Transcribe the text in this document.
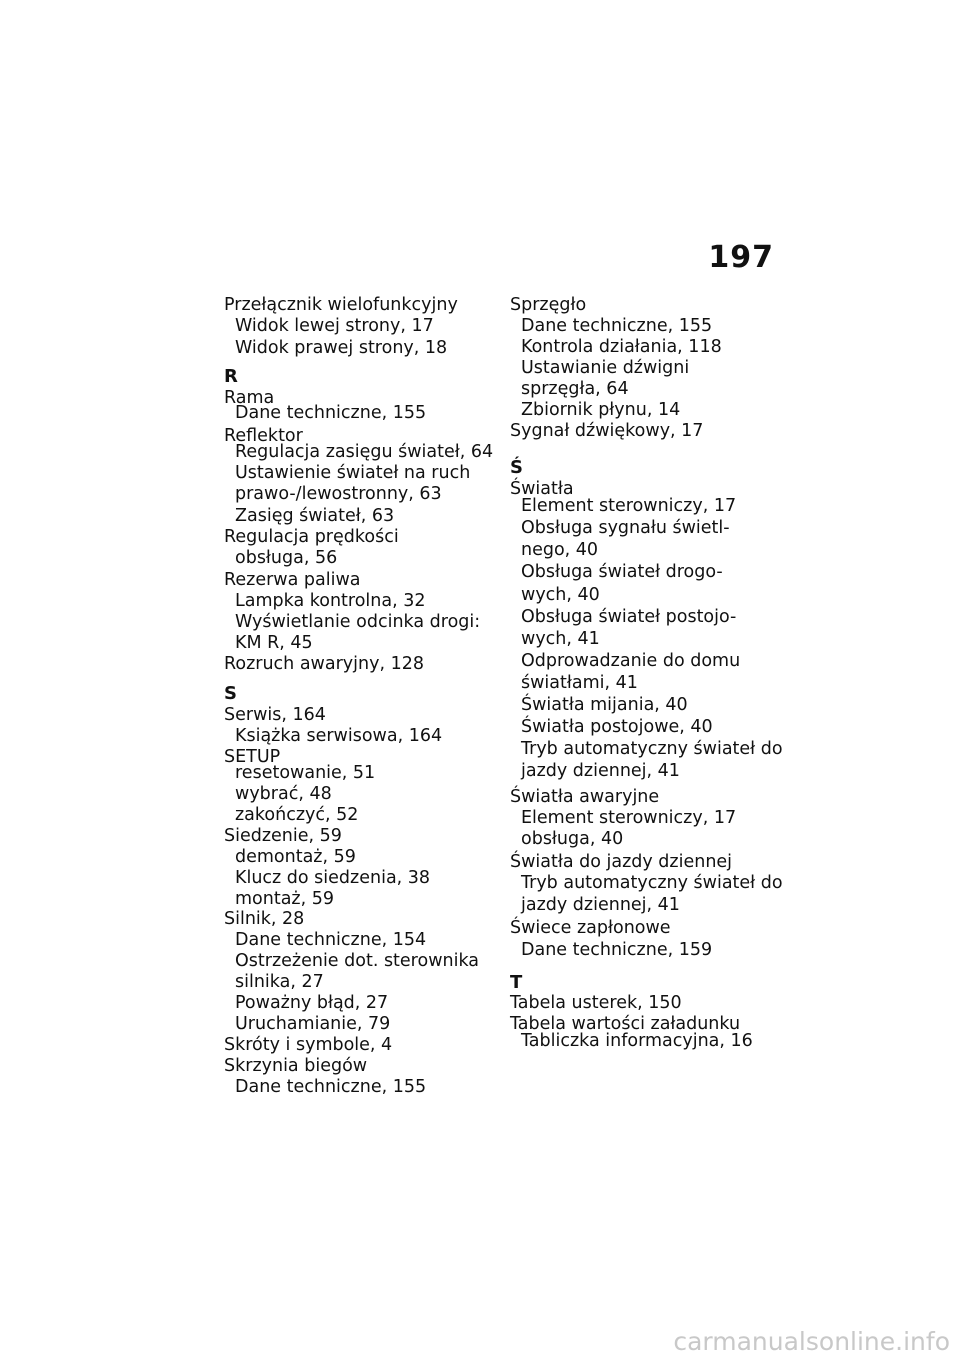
197
Przełącznik wielofunkcyjny
Widok lewej strony, 17
Widok prawej strony, 18
R
Rama
Dane techniczne, 155
Reflektor
Regulacja zasięgu świateł, 64
Ustawienie świateł na ruch
prawo-/lewostronny, 63
Zasięg świateł, 63
Regulacja prędkości
obsługa, 56
Rezerwa paliwa
Lampka kontrolna, 32
Wyświetlanie odcinka drogi:
KM R, 45
Rozruch awaryjny, 128
S
Serwis, 164
Książka serwisowa, 164
SETUP
resetowanie, 51
wybrać, 48
zakończyć, 52
Siedzenie, 59
demontaż, 59
Klucz do siedzenia, 38
montaż, 59
Silnik, 28
Dane techniczne, 154
Ostrzeżenie dot. sterownika
silnika, 27
Poważny błąd, 27
Uruchamianie, 79
Skróty i symbole, 4
Skrzynia biegów
Dane techniczne, 155
Sprzęgło
Dane techniczne, 155
Kontrola działania, 118
Ustawianie dźwigni
sprzęgła, 64
Zbiornik płynu, 14
Sygnał dźwiękowy, 17
Ś
Światła
Element sterowniczy, 17
Obsługa sygnału świetl-
nego, 40
Obsługa świateł drogo-
wych, 40
Obsługa świateł postojo-
wych, 41
Odprowadzanie do domu
światłami, 41
Światła mijania, 40
Światła postojowe, 40
Tryb automatyczny świateł do
jazdy dziennej, 41
Światła awaryjne
Element sterowniczy, 17
obsługa, 40
Światła do jazdy dziennej
Tryb automatyczny świateł do
jazdy dziennej, 41
Świece zapłonowe
Dane techniczne, 159
T
Tabela usterek, 150
Tabela wartości załadunku
Tabliczka informacyjna, 16
carmanualsonline.info
